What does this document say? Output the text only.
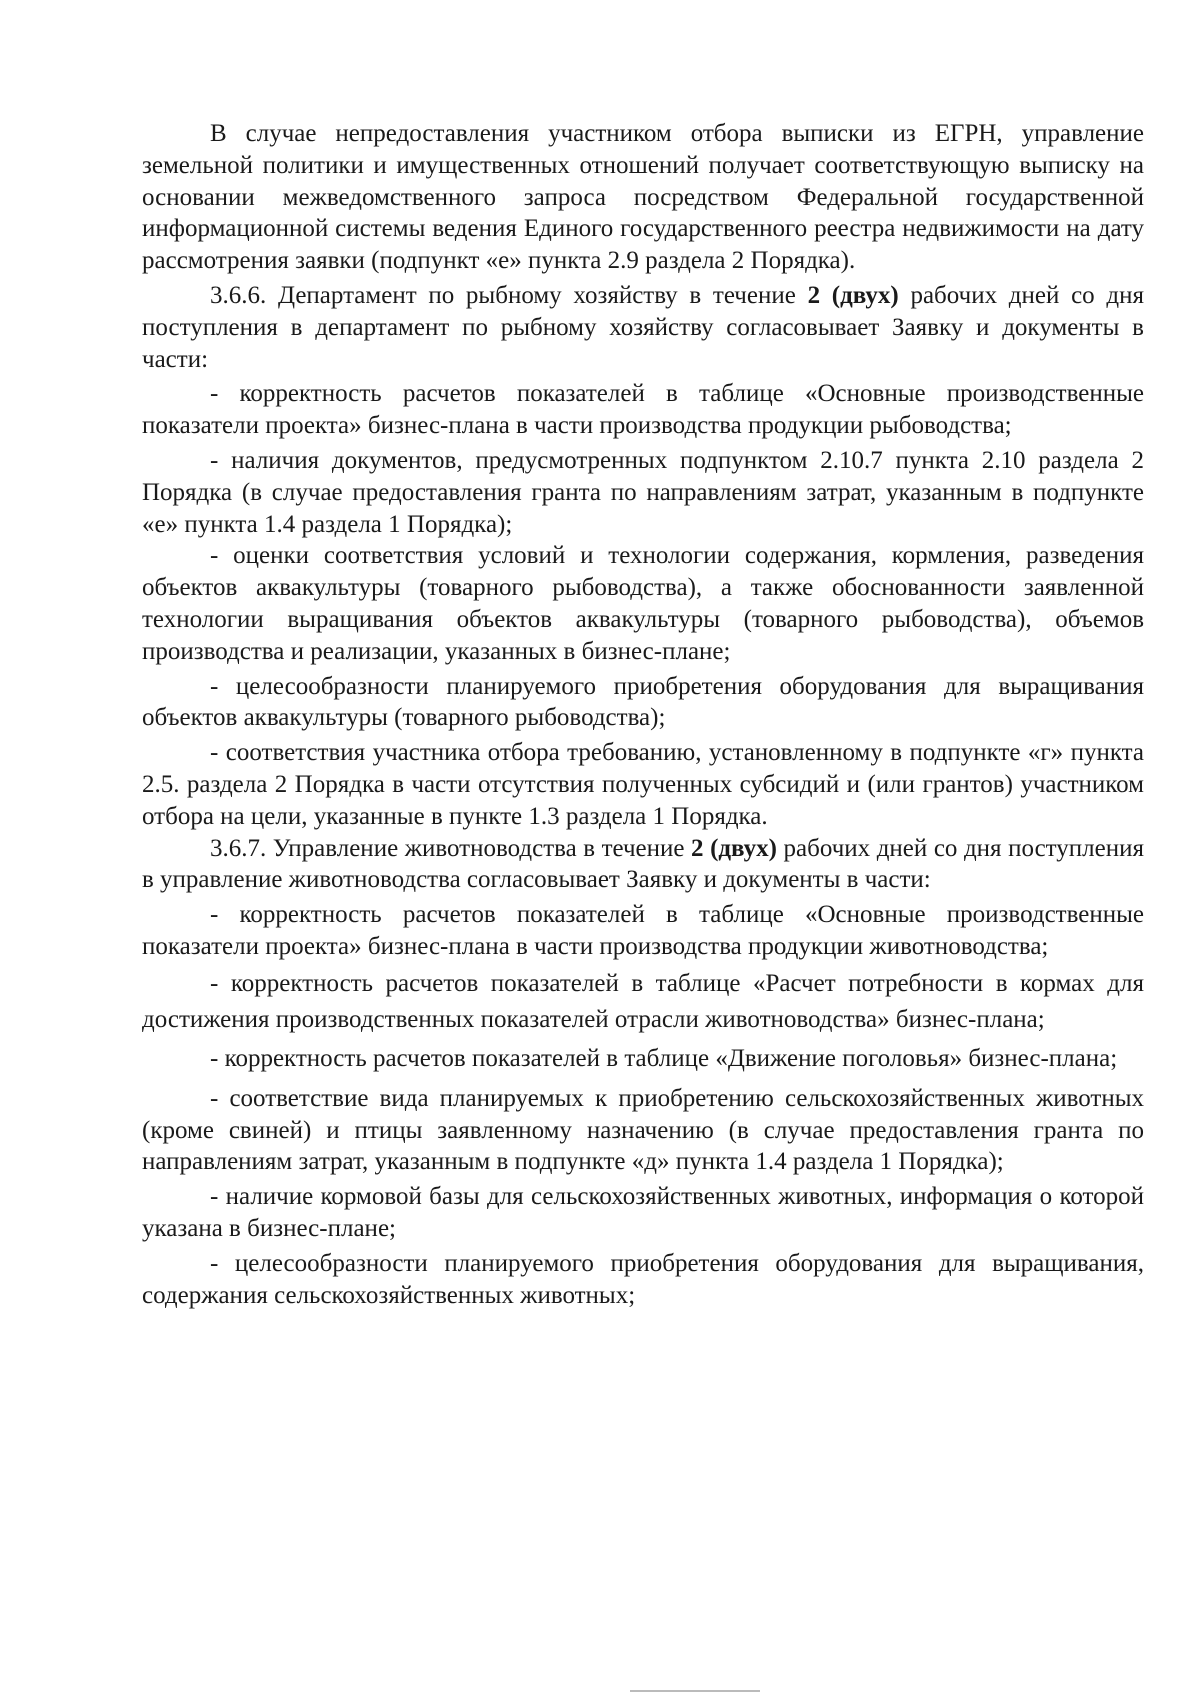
В случае непредоставления участником отбора выписки из ЕГРН, управление земельной политики и имущественных отношений получает соответствующую выписку на основании межведомственного запроса посредством Федеральной государственной информационной системы ведения Единого государственного реестра недвижимости на дату рассмотрения заявки (подпункт «е» пункта 2.9 раздела 2 Порядка).

3.6.6. Департамент по рыбному хозяйству в течение 2 (двух) рабочих дней со дня поступления в департамент по рыбному хозяйству согласовывает Заявку и документы в части:

- корректность расчетов показателей в таблице «Основные производственные показатели проекта» бизнес-плана в части производства продукции рыбоводства;

- наличия документов, предусмотренных подпунктом 2.10.7 пункта 2.10 раздела 2 Порядка (в случае предоставления гранта по направлениям затрат, указанным в подпункте «е» пункта 1.4 раздела 1 Порядка);

- оценки соответствия условий и технологии содержания, кормления, разведения объектов аквакультуры (товарного рыбоводства), а также обоснованности заявленной технологии выращивания объектов аквакультуры (товарного рыбоводства), объемов производства и реализации, указанных в бизнес-плане;

- целесообразности планируемого приобретения оборудования для выращивания объектов аквакультуры (товарного рыбоводства);

- соответствия участника отбора требованию, установленному в подпункте «г» пункта 2.5. раздела 2 Порядка в части отсутствия полученных субсидий и (или грантов) участником отбора на цели, указанные в пункте 1.3 раздела 1 Порядка.

3.6.7. Управление животноводства в течение 2 (двух) рабочих дней со дня поступления в управление животноводства согласовывает Заявку и документы в части:

- корректность расчетов показателей в таблице «Основные производственные показатели проекта» бизнес-плана в части производства продукции животноводства;

- корректность расчетов показателей в таблице «Расчет потребности в кормах для достижения производственных показателей отрасли животноводства» бизнес-плана;

- корректность расчетов показателей в таблице «Движение поголовья» бизнес-плана;

- соответствие вида планируемых к приобретению сельскохозяйственных животных (кроме свиней) и птицы заявленному назначению (в случае предоставления гранта по направлениям затрат, указанным в подпункте «д» пункта 1.4 раздела 1 Порядка);

- наличие кормовой базы для сельскохозяйственных животных, информация о которой указана в бизнес-плане;

- целесообразности планируемого приобретения оборудования для выращивания, содержания сельскохозяйственных животных;
